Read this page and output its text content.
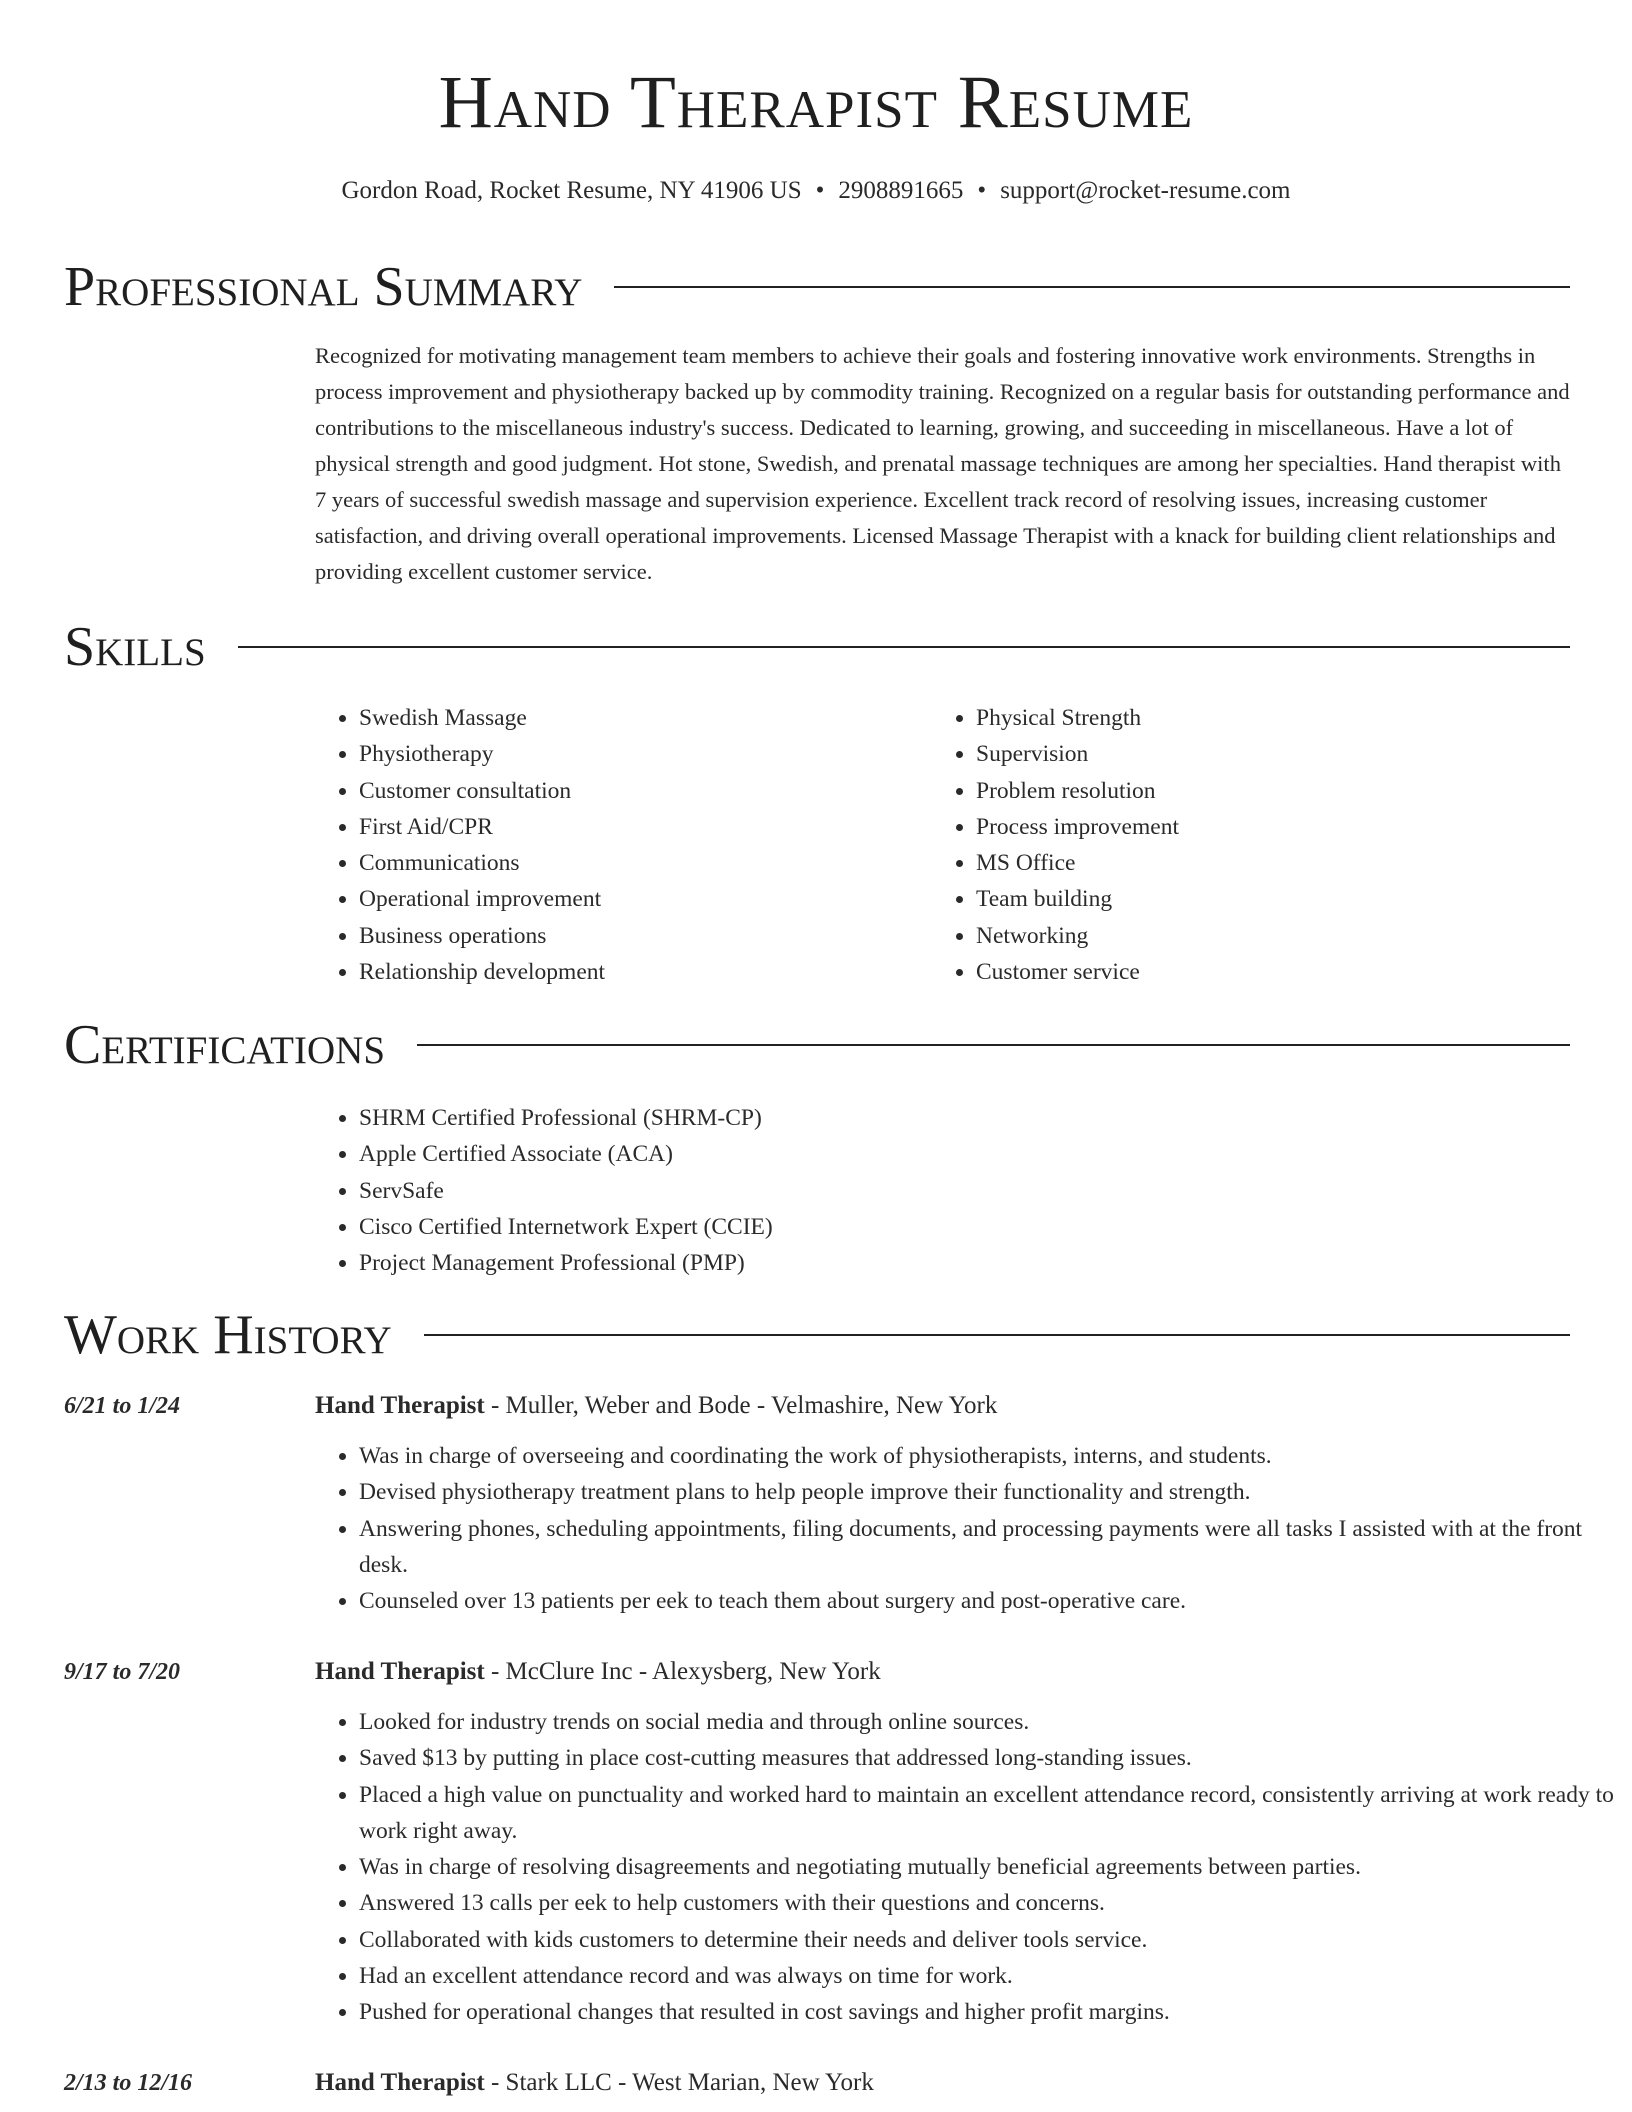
Hand Therapist Resume
Gordon Road, Rocket Resume, NY 41906 US • 2908891665 • support@rocket-resume.com
Professional Summary

Recognized for motivating management team members to achieve their goals and fostering innovative work environments. Strengths in process improvement and physiotherapy backed up by commodity training. Recognized on a regular basis for outstanding performance and contributions to the miscellaneous industry's success. Dedicated to learning, growing, and succeeding in miscellaneous. Have a lot of physical strength and good judgment. Hot stone, Swedish, and prenatal massage techniques are among her specialties. Hand therapist with 7 years of successful swedish massage and supervision experience. Excellent track record of resolving issues, increasing customer satisfaction, and driving overall operational improvements. Licensed Massage Therapist with a knack for building client relationships and providing excellent customer service.

Skills
• Swedish Massage
• Physiotherapy
• Customer consultation
• First Aid/CPR
• Communications
• Operational improvement
• Business operations
• Relationship development
• Physical Strength
• Supervision
• Problem resolution
• Process improvement
• MS Office
• Team building
• Networking
• Customer service
Certifications
• SHRM Certified Professional (SHRM-CP)
• Apple Certified Associate (ACA)
• ServSafe
• Cisco Certified Internetwork Expert (CCIE)
• Project Management Professional (PMP)
Work History
6/21 to 1/24	Hand Therapist - Muller, Weber and Bode - Velmashire, New York
• Was in charge of overseeing and coordinating the work of physiotherapists, interns, and students.
• Devised physiotherapy treatment plans to help people improve their functionality and strength.
• Answering phones, scheduling appointments, filing documents, and processing payments were all tasks I assisted with at the front desk.
• Counseled over 13 patients per eek to teach them about surgery and post-operative care.
9/17 to 7/20	Hand Therapist - McClure Inc - Alexysberg, New York
• Looked for industry trends on social media and through online sources.
• Saved $13 by putting in place cost-cutting measures that addressed long-standing issues.
• Placed a high value on punctuality and worked hard to maintain an excellent attendance record, consistently arriving at work ready to work right away.
• Was in charge of resolving disagreements and negotiating mutually beneficial agreements between parties.
• Answered 13 calls per eek to help customers with their questions and concerns.
• Collaborated with kids customers to determine their needs and deliver tools service.
• Had an excellent attendance record and was always on time for work.
• Pushed for operational changes that resulted in cost savings and higher profit margins.
2/13 to 12/16	Hand Therapist - Stark LLC - West Marian, New York
